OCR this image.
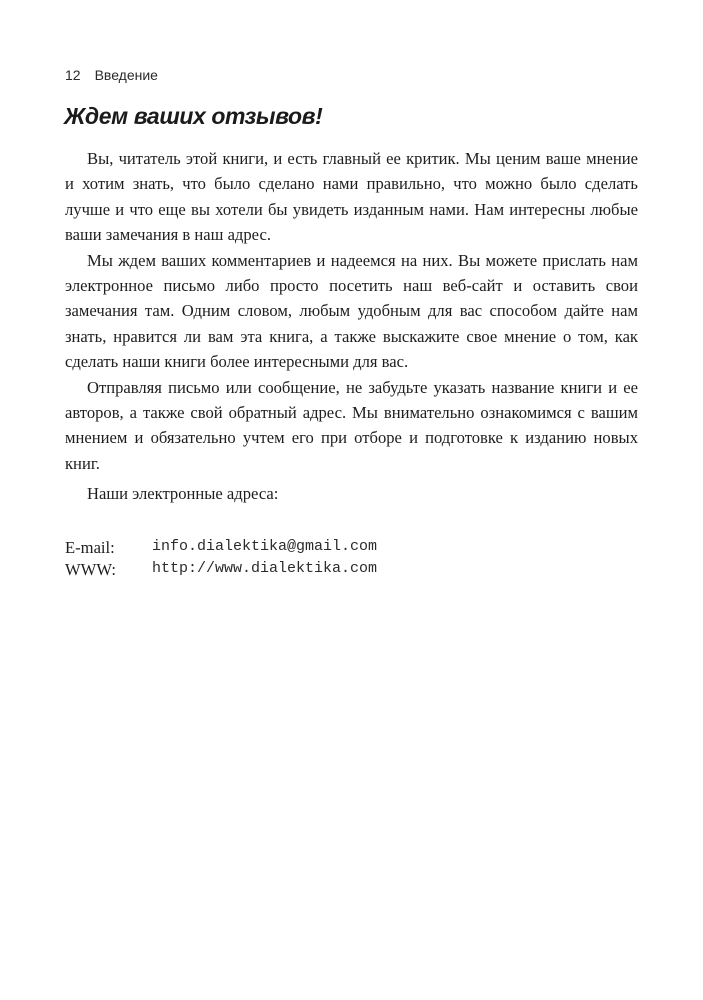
12 Введение
Ждем ваших отзывов!

Вы, читатель этой книги, и есть главный ее критик. Мы ценим ваше мнение и хотим знать, что было сделано нами правильно, что можно было сделать лучше и что еще вы хотели бы увидеть изданным нами. Нам интересны любые ваши замечания в наш адрес.

Мы ждем ваших комментариев и надеемся на них. Вы можете прислать нам электронное письмо либо просто посетить наш веб-сайт и оставить свои замечания там. Одним словом, любым удобным для вас способом дайте нам знать, нравится ли вам эта книга, а также выскажите свое мнение о том, как сделать наши книги более интересными для вас.

Отправляя письмо или сообщение, не забудьте указать название книги и ее авторов, а также свой обратный адрес. Мы внимательно ознакомимся с вашим мнением и обязательно учтем его при отборе и подготовке к изданию новых книг.

Наши электронные адреса:

E-mail:	info.dialektika@gmail.com
WWW:	http://www.dialektika.com
